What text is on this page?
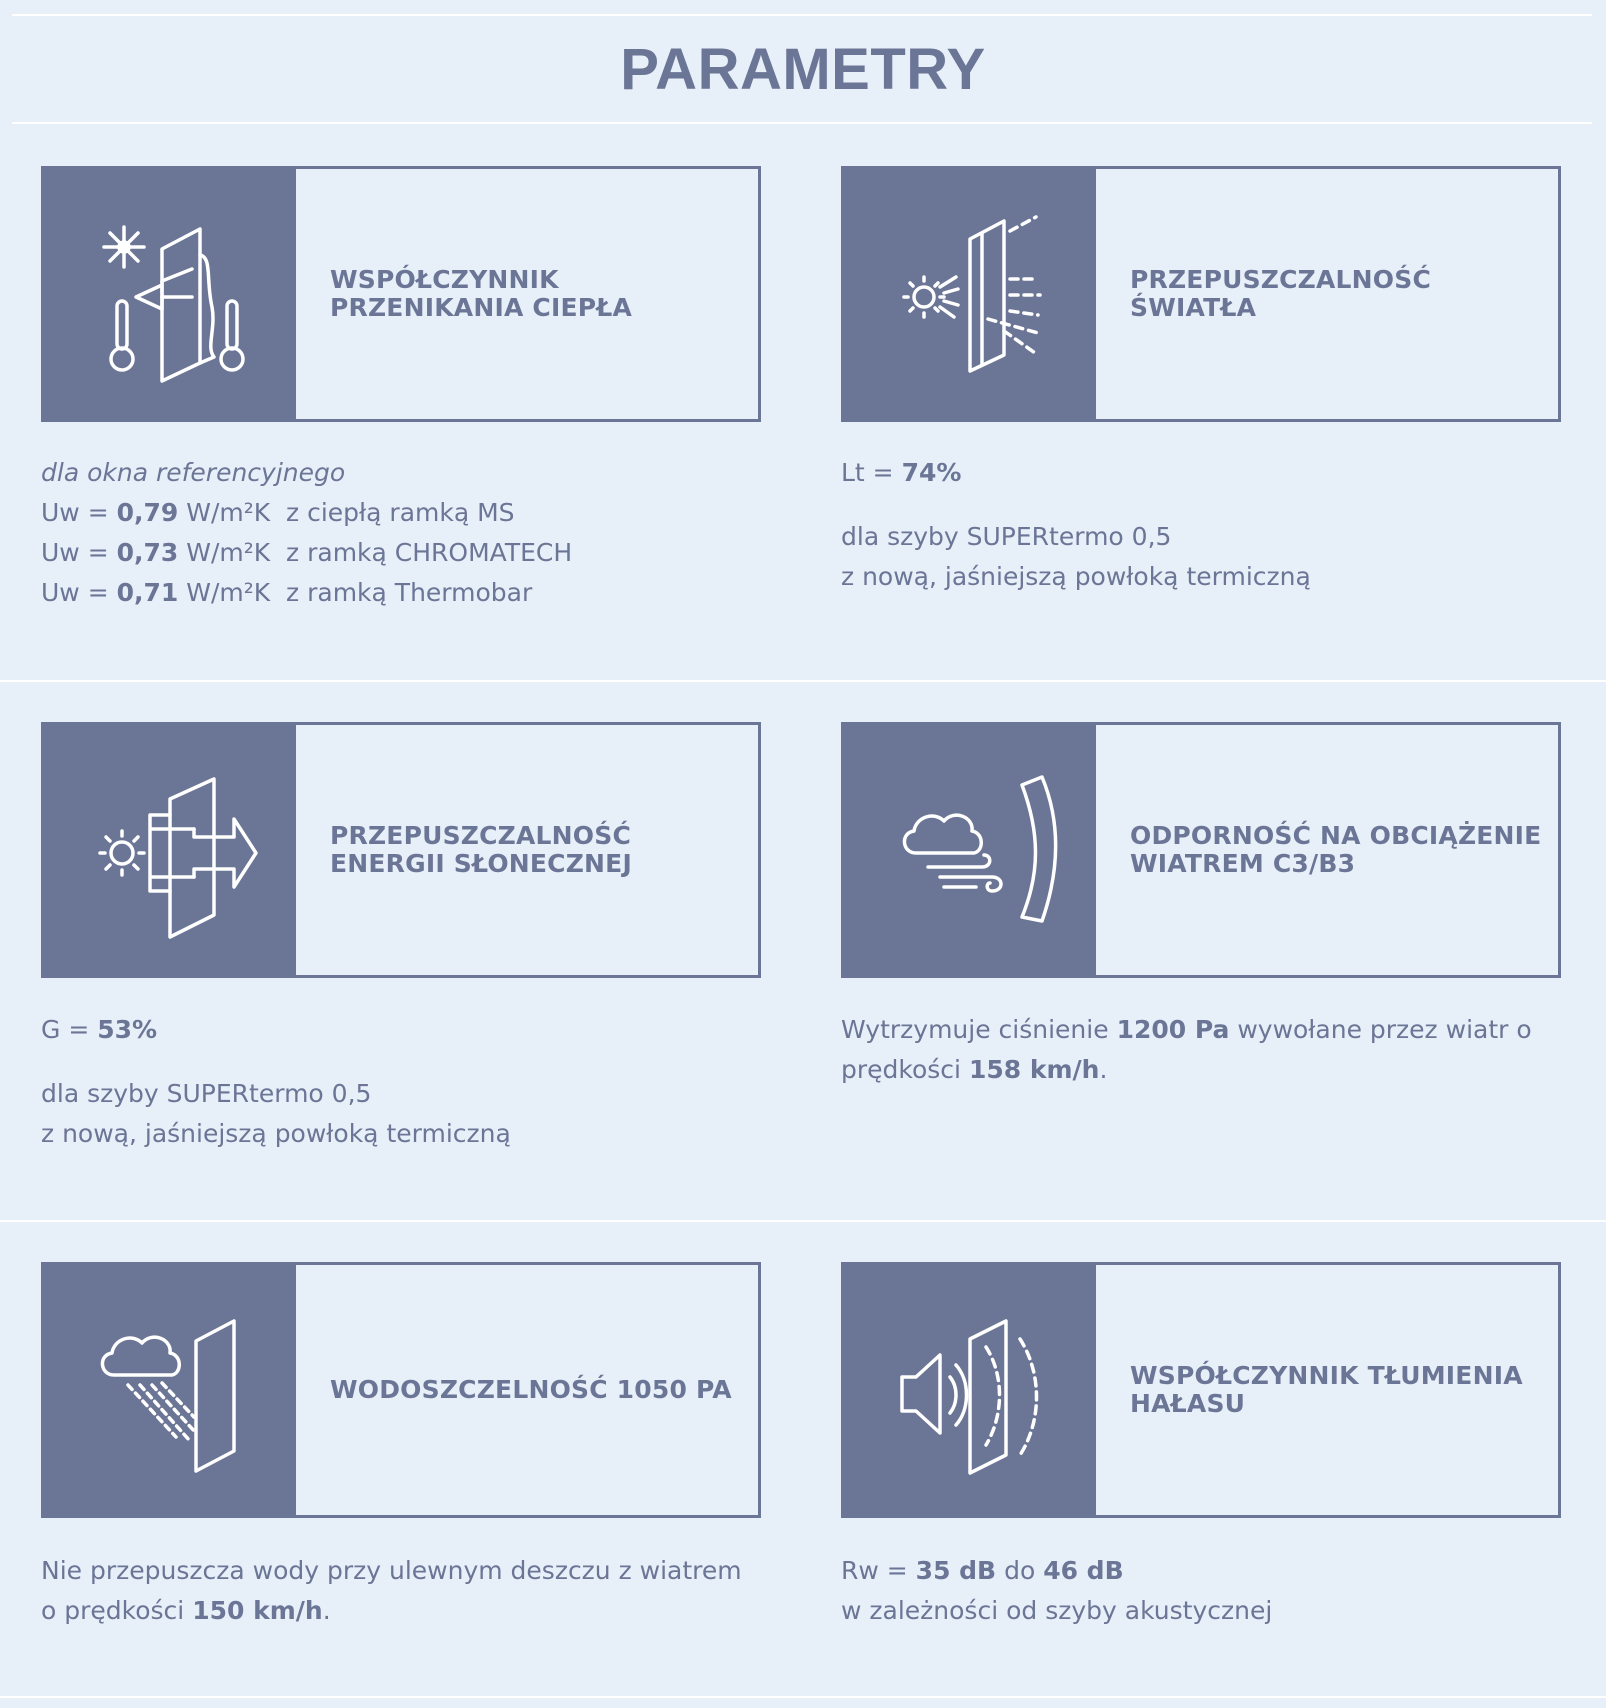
PARAMETRY
WSPÓŁCZYNNIK PRZENIKANIA CIEPŁA

dla okna referencyjnego

Uw = 0,79 W/m²K  z ciepłą ramką MS

Uw = 0,73 W/m²K  z ramką CHROMATECH

Uw = 0,71 W/m²K  z ramką Thermobar

PRZEPUSZCZALNOŚĆ ŚWIATŁA

Lt = 74%

dla szyby SUPERtermo 0,5

z nową, jaśniejszą powłoką termiczną

PRZEPUSZCZALNOŚĆ ENERGII SŁONECZNEJ

G = 53%

dla szyby SUPERtermo 0,5

z nową, jaśniejszą powłoką termiczną

ODPORNOŚĆ NA OBCIĄŻENIE WIATREM C3/B3

Wytrzymuje ciśnienie 1200 Pa wywołane przez wiatr o prędkości 158 km/h.

WODOSZCZELNOŚĆ 1050 PA

Nie przepuszcza wody przy ulewnym deszczu z wiatrem o prędkości 150 km/h.

WSPÓŁCZYNNIK TŁUMIENIA HAŁASU

Rw = 35 dB do 46 dB

w zależności od szyby akustycznej
